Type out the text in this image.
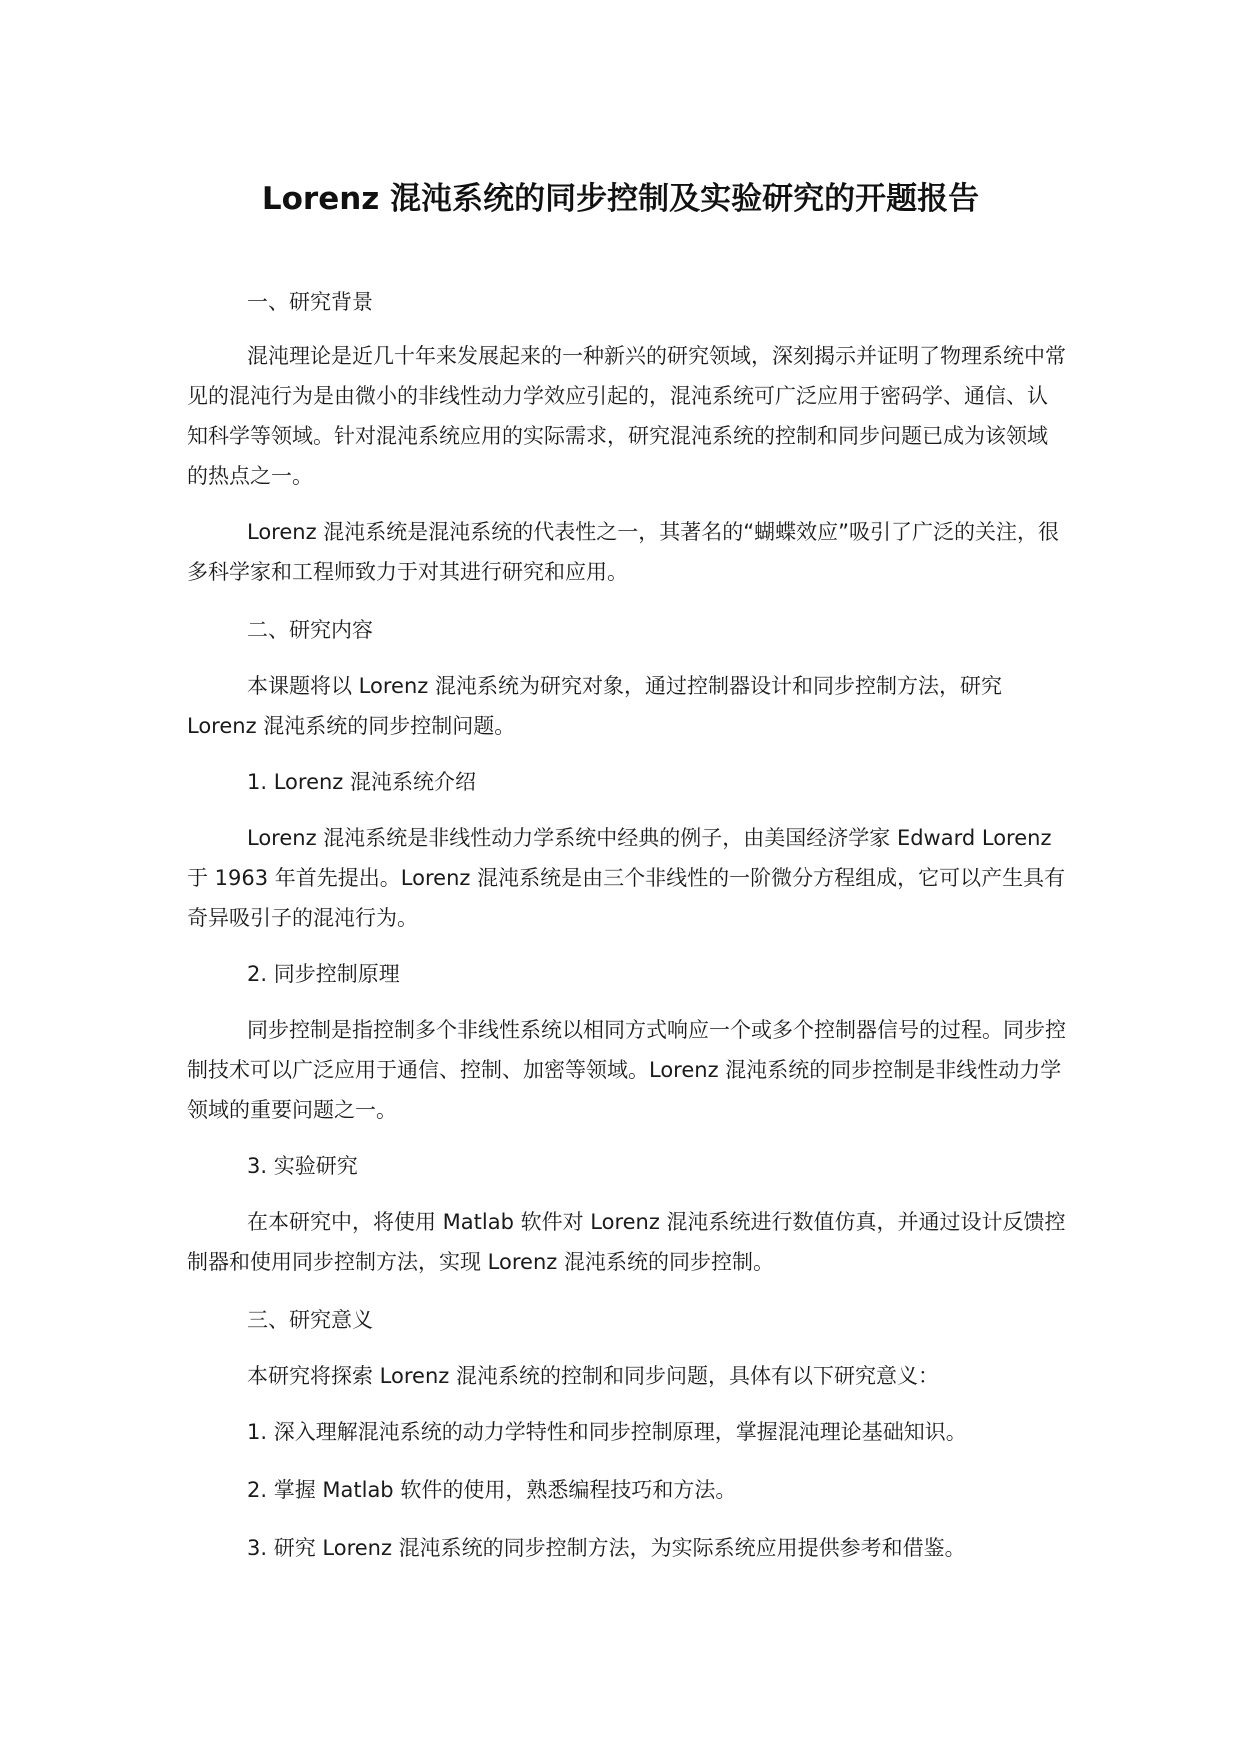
Lorenz 混沌系统的同步控制及实验研究的开题报告

一、研究背景

混沌理论是近几十年来发展起来的一种新兴的研究领域，深刻揭示并证明了物理系统中常见的混沌行为是由微小的非线性动力学效应引起的，混沌系统可广泛应用于密码学、通信、认知科学等领域。针对混沌系统应用的实际需求，研究混沌系统的控制和同步问题已成为该领域的热点之一。

Lorenz 混沌系统是混沌系统的代表性之一，其著名的“蝴蝶效应”吸引了广泛的关注，很多科学家和工程师致力于对其进行研究和应用。

二、研究内容

本课题将以 Lorenz 混沌系统为研究对象，通过控制器设计和同步控制方法，研究 Lorenz 混沌系统的同步控制问题。

1. Lorenz 混沌系统介绍

Lorenz 混沌系统是非线性动力学系统中经典的例子，由美国经济学家 Edward Lorenz 于 1963 年首先提出。Lorenz 混沌系统是由三个非线性的一阶微分方程组成，它可以产生具有奇异吸引子的混沌行为。

2. 同步控制原理

同步控制是指控制多个非线性系统以相同方式响应一个或多个控制器信号的过程。同步控制技术可以广泛应用于通信、控制、加密等领域。Lorenz 混沌系统的同步控制是非线性动力学领域的重要问题之一。

3. 实验研究

在本研究中，将使用 Matlab 软件对 Lorenz 混沌系统进行数值仿真，并通过设计反馈控制器和使用同步控制方法，实现 Lorenz 混沌系统的同步控制。

三、研究意义

本研究将探索 Lorenz 混沌系统的控制和同步问题，具体有以下研究意义：

1. 深入理解混沌系统的动力学特性和同步控制原理，掌握混沌理论基础知识。

2. 掌握 Matlab 软件的使用，熟悉编程技巧和方法。

3. 研究 Lorenz 混沌系统的同步控制方法，为实际系统应用提供参考和借鉴。
